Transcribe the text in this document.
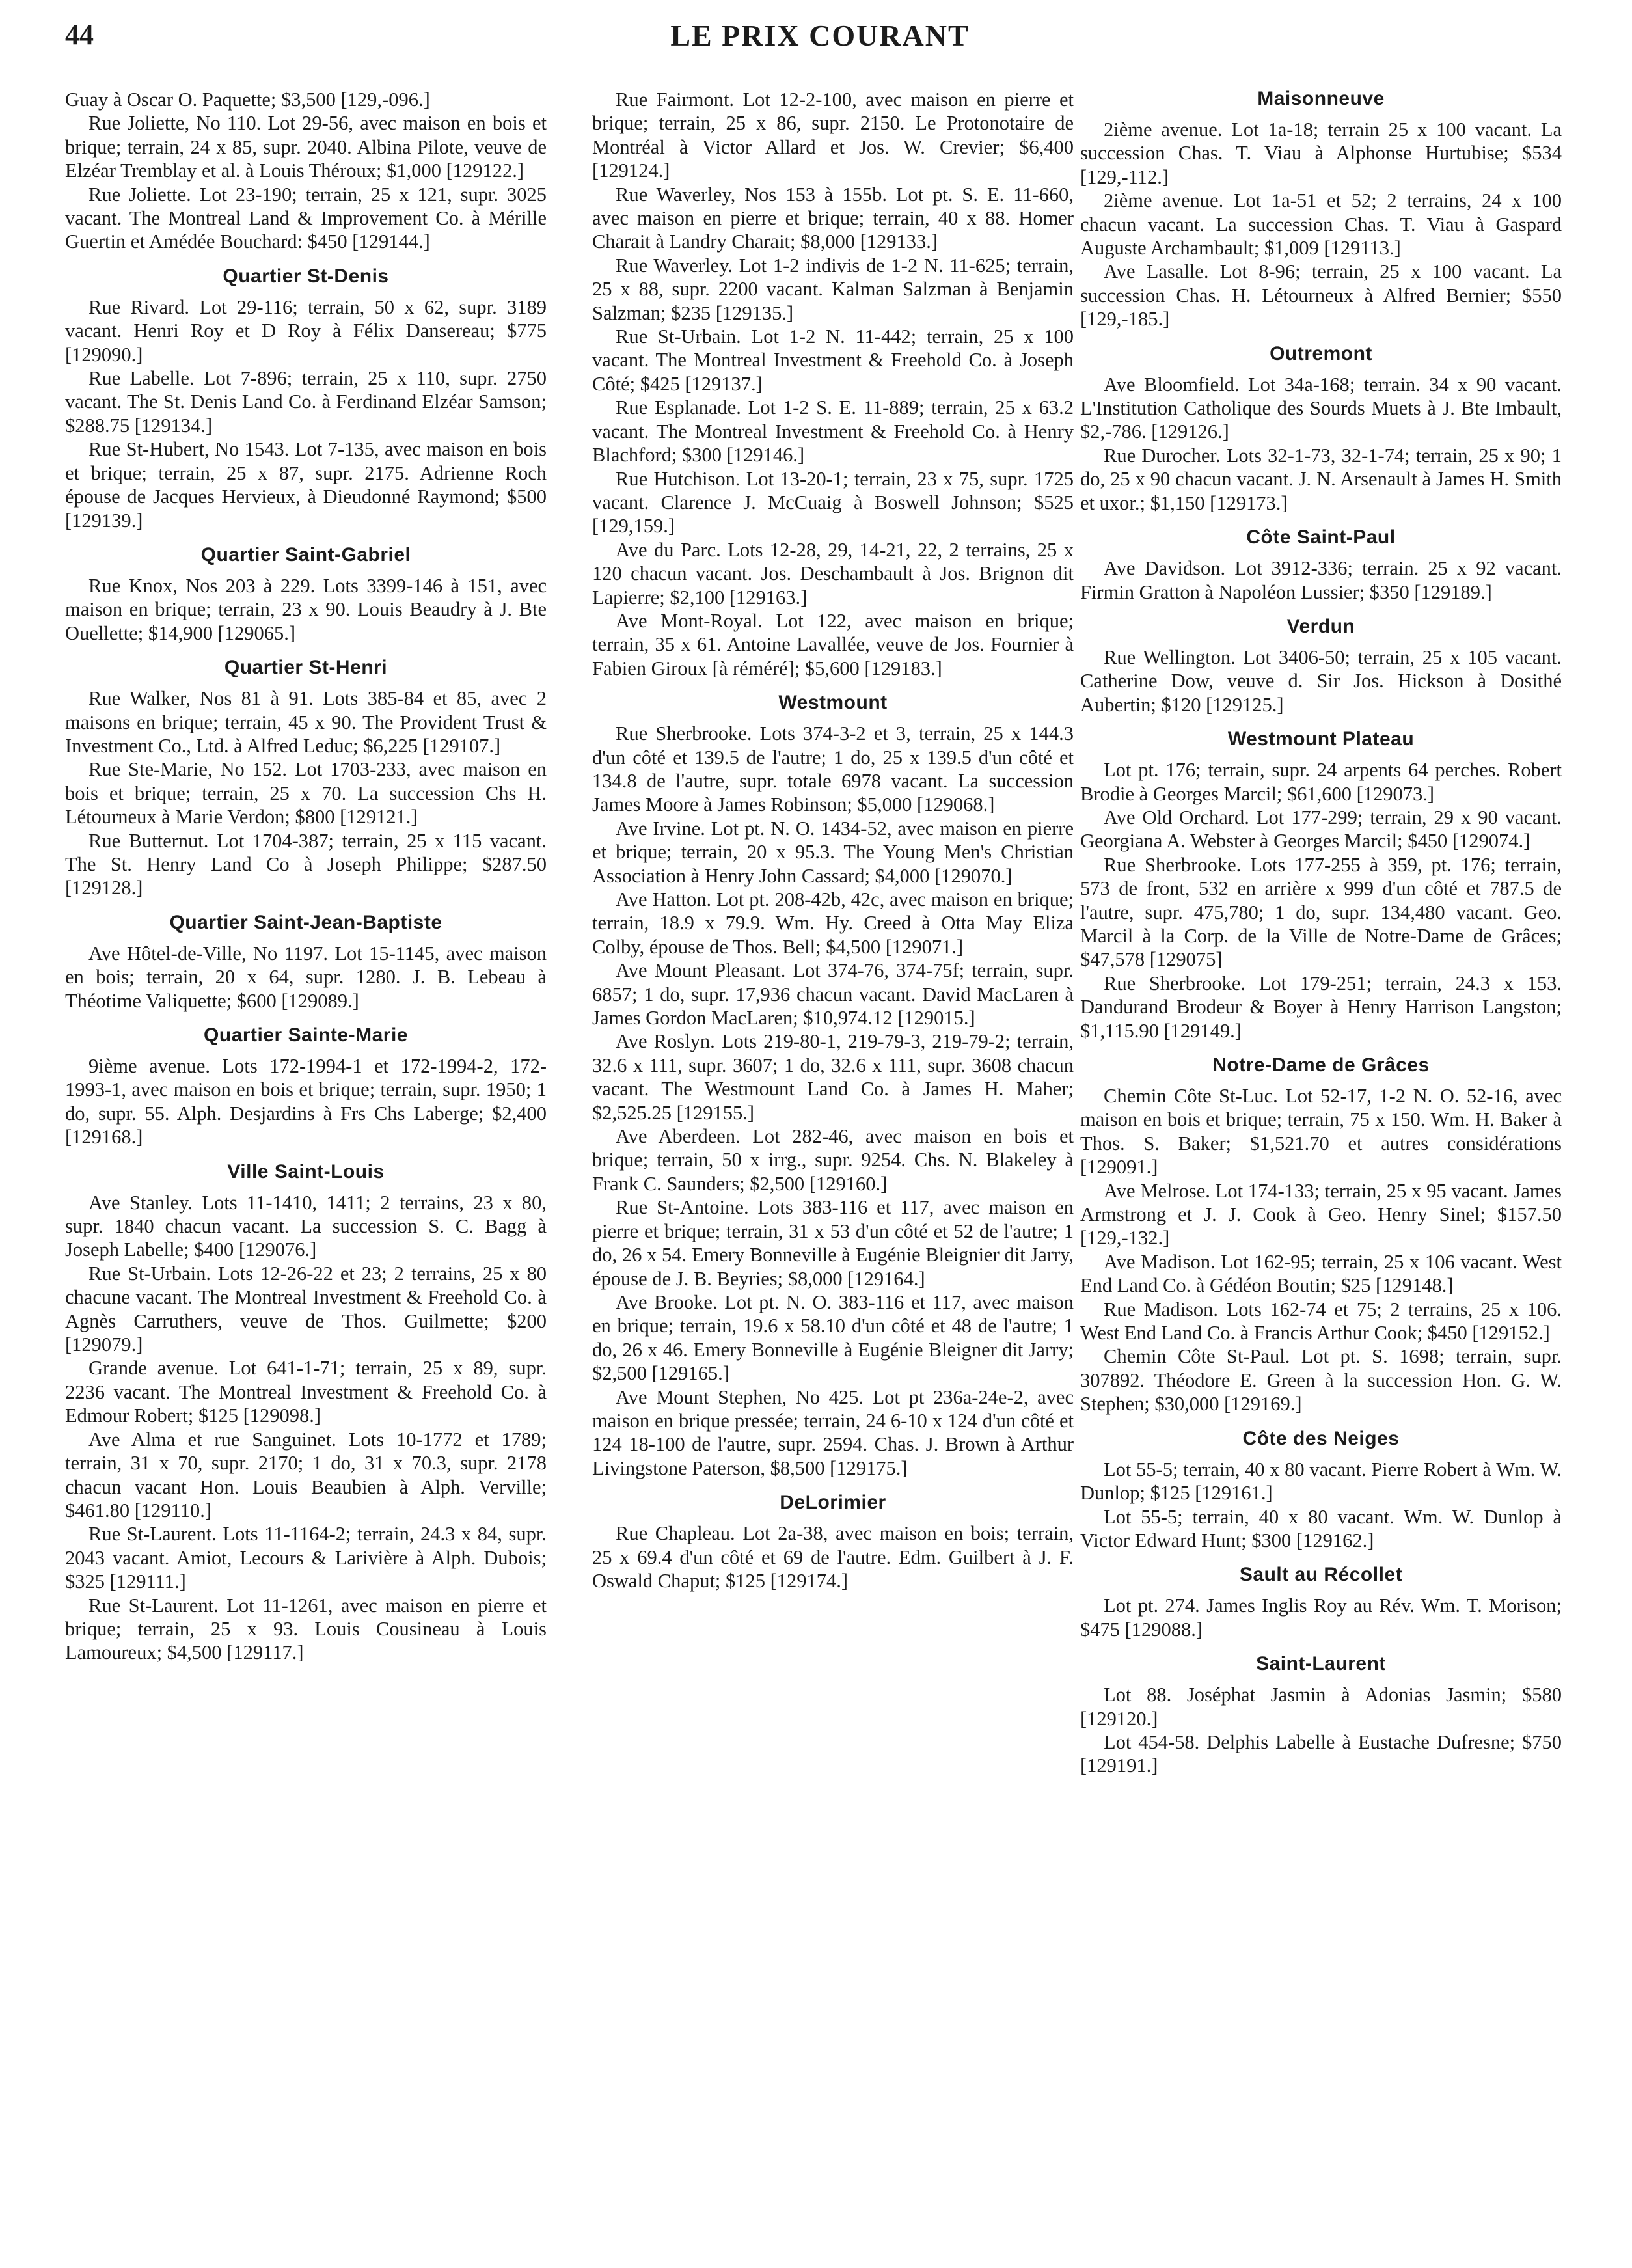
44	LE PRIX COURANT

Guay à Oscar O. Paquette; $3,500 [129,-096.]

Rue Joliette, No 110. Lot 29-56, avec maison en bois et brique; terrain, 24 x 85, supr. 2040. Albina Pilote, veuve de Elzéar Tremblay et al. à Louis Théroux; $1,000 [129122.]

Rue Joliette. Lot 23-190; terrain, 25 x 121, supr. 3025 vacant. The Montreal Land & Improvement Co. à Mérille Guertin et Amédée Bouchard: $450 [129144.]

Quartier St-Denis

Rue Rivard. Lot 29-116; terrain, 50 x 62, supr. 3189 vacant. Henri Roy et D Roy à Félix Dansereau; $775 [129090.]

Rue Labelle. Lot 7-896; terrain, 25 x 110, supr. 2750 vacant. The St. Denis Land Co. à Ferdinand Elzéar Samson; $288.75 [129134.]

Rue St-Hubert, No 1543. Lot 7-135, avec maison en bois et brique; terrain, 25 x 87, supr. 2175. Adrienne Roch épouse de Jacques Hervieux, à Dieudonné Raymond; $500 [129139.]

Quartier Saint-Gabriel

Rue Knox, Nos 203 à 229. Lots 3399-146 à 151, avec maison en brique; terrain, 23 x 90. Louis Beaudry à J. Bte Ouellette; $14,900 [129065.]

Quartier St-Henri

Rue Walker, Nos 81 à 91. Lots 385-84 et 85, avec 2 maisons en brique; terrain, 45 x 90. The Provident Trust & Investment Co., Ltd. à Alfred Leduc; $6,225 [129107.]

Rue Ste-Marie, No 152. Lot 1703-233, avec maison en bois et brique; terrain, 25 x 70. La succession Chs H. Létourneux à Marie Verdon; $800 [129121.]

Rue Butternut. Lot 1704-387; terrain, 25 x 115 vacant. The St. Henry Land Co à Joseph Philippe; $287.50 [129128.]

Quartier Saint-Jean-Baptiste

Ave Hôtel-de-Ville, No 1197. Lot 15-1145, avec maison en bois; terrain, 20 x 64, supr. 1280. J. B. Lebeau à Théotime Valiquette; $600 [129089.]

Quartier Sainte-Marie

9ième avenue. Lots 172-1994-1 et 172-1994-2, 172-1993-1, avec maison en bois et brique; terrain, supr. 1950; 1 do, supr. 55. Alph. Desjardins à Frs Chs Laberge; $2,400 [129168.]

Ville Saint-Louis

Ave Stanley. Lots 11-1410, 1411; 2 terrains, 23 x 80, supr. 1840 chacun vacant. La succession S. C. Bagg à Joseph Labelle; $400 [129076.]

Rue St-Urbain. Lots 12-26-22 et 23; 2 terrains, 25 x 80 chacune vacant. The Montreal Investment & Freehold Co. à Agnès Carruthers, veuve de Thos. Guilmette; $200 [129079.]

Grande avenue. Lot 641-1-71; terrain, 25 x 89, supr. 2236 vacant. The Montreal Investment & Freehold Co. à Edmour Robert; $125 [129098.]

Ave Alma et rue Sanguinet. Lots 10-1772 et 1789; terrain, 31 x 70, supr. 2170; 1 do, 31 x 70.3, supr. 2178 chacun vacant Hon. Louis Beaubien à Alph. Verville; $461.80 [129110.]

Rue St-Laurent. Lots 11-1164-2; terrain, 24.3 x 84, supr. 2043 vacant. Amiot, Lecours & Larivière à Alph. Dubois; $325 [129111.]

Rue St-Laurent. Lot 11-1261, avec maison en pierre et brique; terrain, 25 x 93. Louis Cousineau à Louis Lamoureux; $4,500 [129117.]

Rue Fairmont. Lot 12-2-100, avec maison en pierre et brique; terrain, 25 x 86, supr. 2150. Le Protonotaire de Montréal à Victor Allard et Jos. W. Crevier; $6,400 [129124.]

Rue Waverley, Nos 153 à 155b. Lot pt. S. E. 11-660, avec maison en pierre et brique; terrain, 40 x 88. Homer Charait à Landry Charait; $8,000 [129133.]

Rue Waverley. Lot 1-2 indivis de 1-2 N. 11-625; terrain, 25 x 88, supr. 2200 vacant. Kalman Salzman à Benjamin Salzman; $235 [129135.]

Rue St-Urbain. Lot 1-2 N. 11-442; terrain, 25 x 100 vacant. The Montreal Investment & Freehold Co. à Joseph Côté; $425 [129137.]

Rue Esplanade. Lot 1-2 S. E. 11-889; terrain, 25 x 63.2 vacant. The Montreal Investment & Freehold Co. à Henry Blachford; $300 [129146.]

Rue Hutchison. Lot 13-20-1; terrain, 23 x 75, supr. 1725 vacant. Clarence J. McCuaig à Boswell Johnson; $525 [129,159.]

Ave du Parc. Lots 12-28, 29, 14-21, 22, 2 terrains, 25 x 120 chacun vacant. Jos. Deschambault à Jos. Brignon dit Lapierre; $2,100 [129163.]

Ave Mont-Royal. Lot 122, avec maison en brique; terrain, 35 x 61. Antoine Lavallée, veuve de Jos. Fournier à Fabien Giroux [à réméré]; $5,600 [129183.]

Westmount

Rue Sherbrooke. Lots 374-3-2 et 3, terrain, 25 x 144.3 d'un côté et 139.5 de l'autre; 1 do, 25 x 139.5 d'un côté et 134.8 de l'autre, supr. totale 6978 vacant. La succession James Moore à James Robinson; $5,000 [129068.]

Ave Irvine. Lot pt. N. O. 1434-52, avec maison en pierre et brique; terrain, 20 x 95.3. The Young Men's Christian Association à Henry John Cassard; $4,000 [129070.]

Ave Hatton. Lot pt. 208-42b, 42c, avec maison en brique; terrain, 18.9 x 79.9. Wm. Hy. Creed à Otta May Eliza Colby, épouse de Thos. Bell; $4,500 [129071.]

Ave Mount Pleasant. Lot 374-76, 374-75f; terrain, supr. 6857; 1 do, supr. 17,936 chacun vacant. David MacLaren à James Gordon MacLaren; $10,974.12 [129015.]

Ave Roslyn. Lots 219-80-1, 219-79-3, 219-79-2; terrain, 32.6 x 111, supr. 3607; 1 do, 32.6 x 111, supr. 3608 chacun vacant. The Westmount Land Co. à James H. Maher; $2,525.25 [129155.]

Ave Aberdeen. Lot 282-46, avec maison en bois et brique; terrain, 50 x irrg., supr. 9254. Chs. N. Blakeley à Frank C. Saunders; $2,500 [129160.]

Rue St-Antoine. Lots 383-116 et 117, avec maison en pierre et brique; terrain, 31 x 53 d'un côté et 52 de l'autre; 1 do, 26 x 54. Emery Bonneville à Eugénie Bleignier dit Jarry, épouse de J. B. Beyries; $8,000 [129164.]

Ave Brooke. Lot pt. N. O. 383-116 et 117, avec maison en brique; terrain, 19.6 x 58.10 d'un côté et 48 de l'autre; 1 do, 26 x 46. Emery Bonneville à Eugénie Bleigner dit Jarry; $2,500 [129165.]

Ave Mount Stephen, No 425. Lot pt 236a-24e-2, avec maison en brique pressée; terrain, 24 6-10 x 124 d'un côté et 124 18-100 de l'autre, supr. 2594. Chas. J. Brown à Arthur Livingstone Paterson, $8,500 [129175.]

DeLorimier

Rue Chapleau. Lot 2a-38, avec maison en bois; terrain, 25 x 69.4 d'un côté et 69 de l'autre. Edm. Guilbert à J. F. Oswald Chaput; $125 [129174.]

Maisonneuve

2ième avenue. Lot 1a-18; terrain 25 x 100 vacant. La succession Chas. T. Viau à Alphonse Hurtubise; $534 [129,-112.]

2ième avenue. Lot 1a-51 et 52; 2 terrains, 24 x 100 chacun vacant. La succession Chas. T. Viau à Gaspard Auguste Archambault; $1,009 [129113.]

Ave Lasalle. Lot 8-96; terrain, 25 x 100 vacant. La succession Chas. H. Létourneux à Alfred Bernier; $550 [129,-185.]

Outremont

Ave Bloomfield. Lot 34a-168; terrain. 34 x 90 vacant. L'Institution Catholique des Sourds Muets à J. Bte Imbault, $2,-786. [129126.]

Rue Durocher. Lots 32-1-73, 32-1-74; terrain, 25 x 90; 1 do, 25 x 90 chacun vacant. J. N. Arsenault à James H. Smith et uxor.; $1,150 [129173.]

Côte Saint-Paul

Ave Davidson. Lot 3912-336; terrain. 25 x 92 vacant. Firmin Gratton à Napoléon Lussier; $350 [129189.]

Verdun

Rue Wellington. Lot 3406-50; terrain, 25 x 105 vacant. Catherine Dow, veuve d. Sir Jos. Hickson à Dosithé Aubertin; $120 [129125.]

Westmount Plateau

Lot pt. 176; terrain, supr. 24 arpents 64 perches. Robert Brodie à Georges Marcil; $61,600 [129073.]

Ave Old Orchard. Lot 177-299; terrain, 29 x 90 vacant. Georgiana A. Webster à Georges Marcil; $450 [129074.]

Rue Sherbrooke. Lots 177-255 à 359, pt. 176; terrain, 573 de front, 532 en arrière x 999 d'un côté et 787.5 de l'autre, supr. 475,780; 1 do, supr. 134,480 vacant. Geo. Marcil à la Corp. de la Ville de Notre-Dame de Grâces; $47,578 [129075]

Rue Sherbrooke. Lot 179-251; terrain, 24.3 x 153. Dandurand Brodeur & Boyer à Henry Harrison Langston; $1,115.90 [129149.]

Notre-Dame de Grâces

Chemin Côte St-Luc. Lot 52-17, 1-2 N. O. 52-16, avec maison en bois et brique; terrain, 75 x 150. Wm. H. Baker à Thos. S. Baker; $1,521.70 et autres considérations [129091.]

Ave Melrose. Lot 174-133; terrain, 25 x 95 vacant. James Armstrong et J. J. Cook à Geo. Henry Sinel; $157.50 [129,-132.]

Ave Madison. Lot 162-95; terrain, 25 x 106 vacant. West End Land Co. à Gédéon Boutin; $25 [129148.]

Rue Madison. Lots 162-74 et 75; 2 terrains, 25 x 106. West End Land Co. à Francis Arthur Cook; $450 [129152.]

Chemin Côte St-Paul. Lot pt. S. 1698; terrain, supr. 307892. Théodore E. Green à la succession Hon. G. W. Stephen; $30,000 [129169.]

Côte des Neiges

Lot 55-5; terrain, 40 x 80 vacant. Pierre Robert à Wm. W. Dunlop; $125 [129161.]

Lot 55-5; terrain, 40 x 80 vacant. Wm. W. Dunlop à Victor Edward Hunt; $300 [129162.]

Sault au Récollet

Lot pt. 274. James Inglis Roy au Rév. Wm. T. Morison; $475 [129088.]

Saint-Laurent

Lot 88. Joséphat Jasmin à Adonias Jasmin; $580 [129120.]

Lot 454-58. Delphis Labelle à Eustache Dufresne; $750 [129191.]
